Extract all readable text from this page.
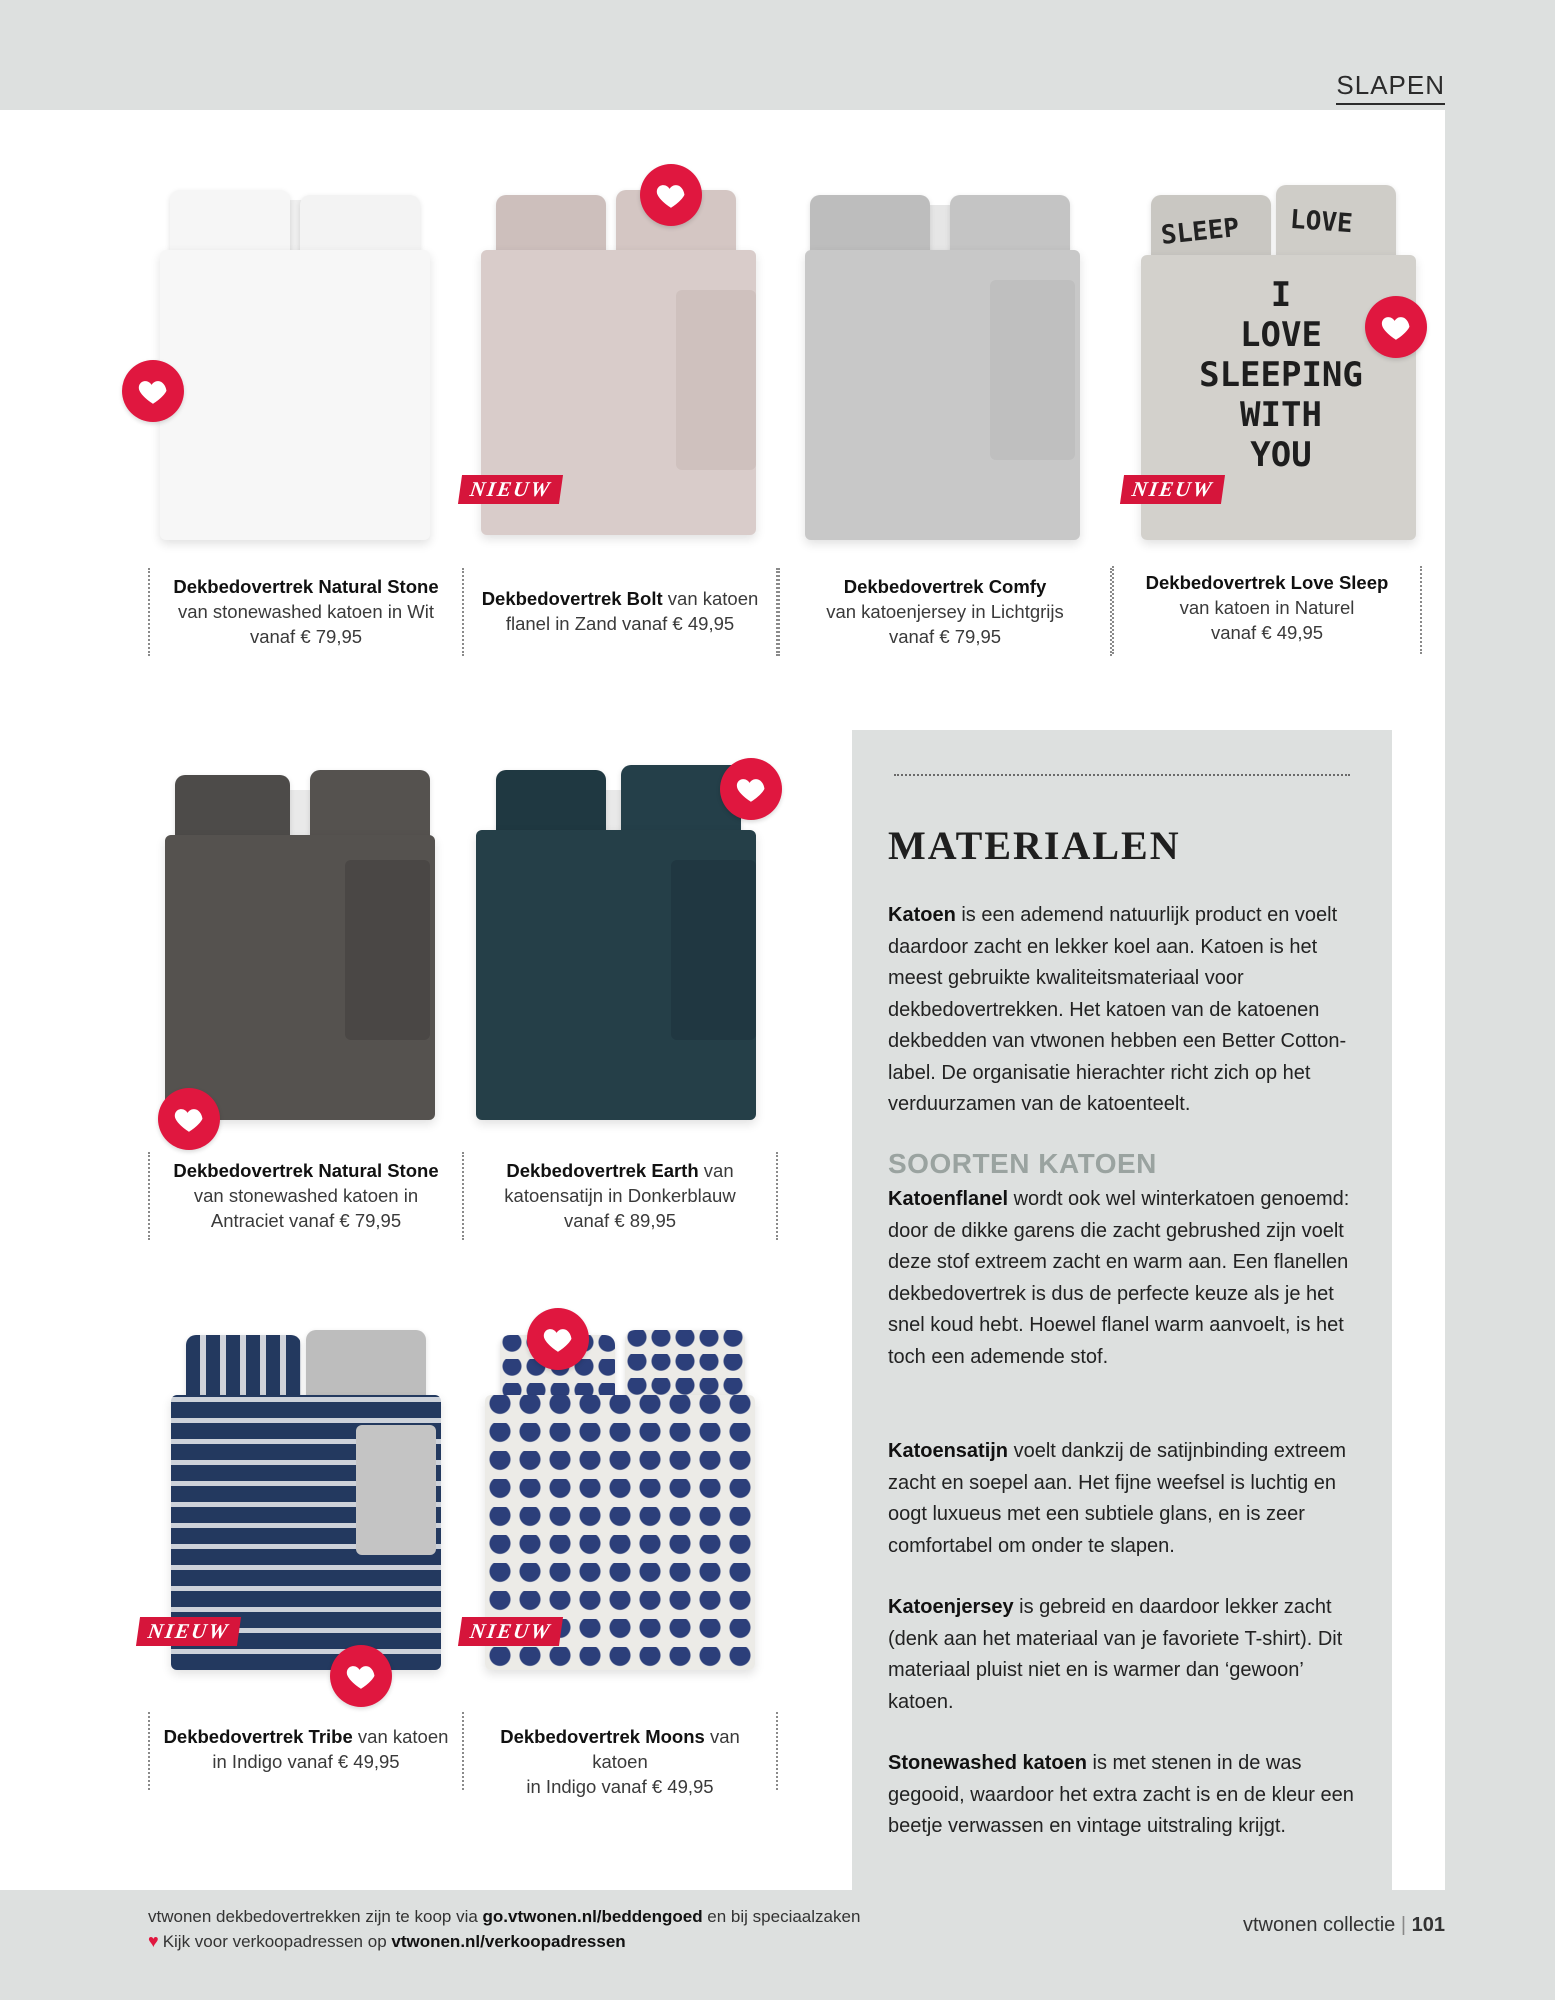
SLAPEN
Dekbedovertrek Natural Stone
van stonewashed katoen in Wit
vanaf € 79,95
NIEUW
Dekbedovertrek Bolt van katoen
flanel in Zand vanaf € 49,95
Dekbedovertrek Comfy
van katoenjersey in Lichtgrijs
vanaf € 79,95
SLEEP LOVE
I
LOVE
SLEEPING
WITH
YOU
NIEUW
Dekbedovertrek Love Sleep
van katoen in Naturel
vanaf € 49,95
Dekbedovertrek Natural Stone
van stonewashed katoen in
Antraciet vanaf € 79,95
Dekbedovertrek Earth van
katoensatijn in Donkerblauw
vanaf € 89,95
NIEUW
Dekbedovertrek Tribe van katoen
in Indigo vanaf € 49,95
NIEUW
Dekbedovertrek Moons van katoen
in Indigo vanaf € 49,95
MATERIALEN
Katoen is een ademend natuurlijk product en voelt daardoor zacht en lekker koel aan. Katoen is het meest gebruikte kwaliteitsmateriaal voor dekbedovertrekken. Het katoen van de katoenen dekbedden van vtwonen hebben een Better Cotton-label. De organisatie hierachter richt zich op het verduurzamen van de katoenteelt.
SOORTEN KATOEN
Katoenflanel wordt ook wel winterkatoen genoemd: door de dikke garens die zacht gebrushed zijn voelt deze stof extreem zacht en warm aan. Een flanellen dekbedovertrek is dus de perfecte keuze als je het snel koud hebt. Hoewel flanel warm aanvoelt, is het toch een ademende stof.
Katoensatijn voelt dankzij de satijnbinding extreem zacht en soepel aan. Het fijne weefsel is luchtig en oogt luxueus met een subtiele glans, en is zeer comfortabel om onder te slapen.
Katoenjersey is gebreid en daardoor lekker zacht (denk aan het materiaal van je favoriete T-shirt). Dit materiaal pluist niet en is warmer dan ‘gewoon’ katoen.
Stonewashed katoen is met stenen in de was gegooid, waardoor het extra zacht is en de kleur een beetje verwassen en vintage uitstraling krijgt.
vtwonen dekbedovertrekken zijn te koop via go.vtwonen.nl/beddengoed en bij speciaalzaken
♥ Kijk voor verkoopadressen op vtwonen.nl/verkoopadressen
vtwonen collectie | 101
